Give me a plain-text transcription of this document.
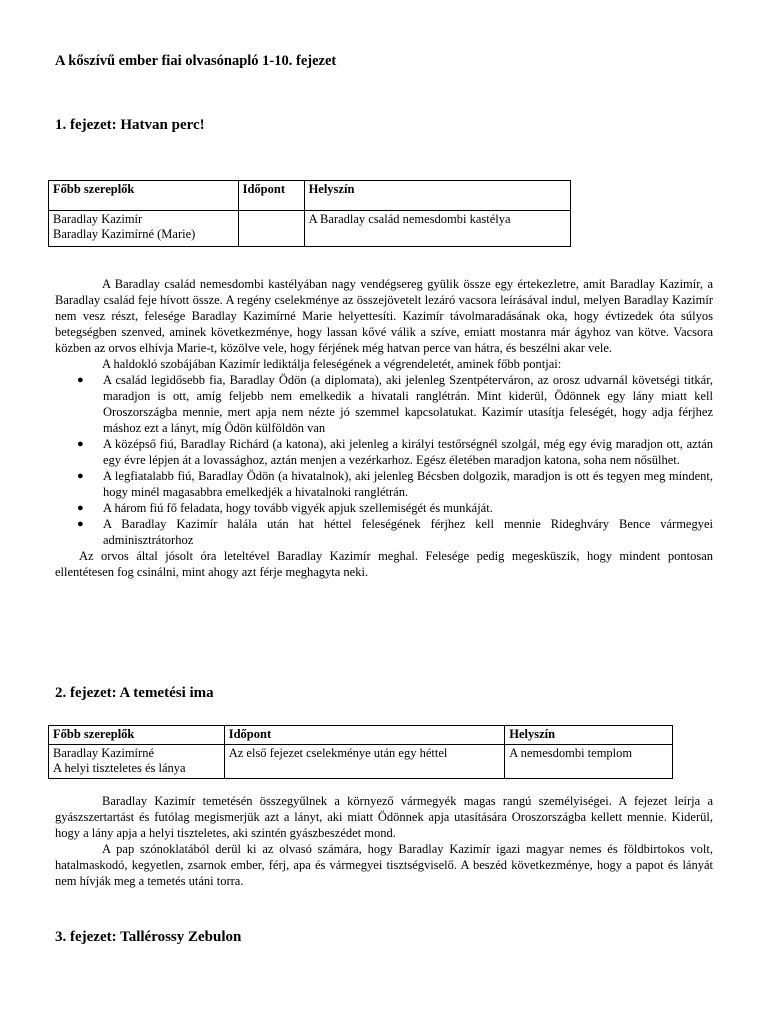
A kőszívű ember fiai olvasónapló 1-10. fejezet
1. fejezet: Hatvan perc!
Főbb szereplők	Időpont	Helyszín

Baradlay Kazimír
Baradlay Kazimírné (Marie)		A Baradlay család nemesdombi kastélya

A Baradlay család nemesdombi kastélyában nagy vendégsereg gyülik össze egy értekezletre, amit Baradlay Kazimír, a Baradlay család feje hívott össze. A regény cselekménye az összejövetelt lezáró vacsora leírásával indul, melyen Baradlay Kazimír nem vesz részt, felesége Baradlay Kazimírné Marie helyettesíti. Kazimír távolmaradásának oka, hogy évtizedek óta súlyos betegségben szenved, aminek következménye, hogy lassan kővé válik a szíve, emiatt mostanra már ágyhoz van kötve. Vacsora közben az orvos elhívja Marie-t, közölve vele, hogy férjének még hatvan perce van hátra, és beszélni akar vele.

A haldokló szobájában Kazimír lediktálja feleségének a végrendeletét, aminek főbb pontjai:

● A család legidősebb fia, Baradlay Ödön (a diplomata), aki jelenleg Szentpéterváron, az orosz udvarnál követségi titkár, maradjon is ott, amíg feljebb nem emelkedik a hivatali ranglétrán. Mint kiderül, Ödönnek egy lány miatt kell Oroszországba mennie, mert apja nem nézte jó szemmel kapcsolatukat. Kazimír utasítja feleségét, hogy adja férjhez máshoz ezt a lányt, míg Ödön külföldön van
● A középső fiú, Baradlay Richárd (a katona), aki jelenleg a királyi testőrségnél szolgál, még egy évig maradjon ott, aztán egy évre lépjen át a lovassághoz, aztán menjen a vezérkarhoz. Egész életében maradjon katona, soha nem nősülhet.
● A legfiatalabb fiú, Baradlay Ödön (a hivatalnok), aki jelenleg Bécsben dolgozik, maradjon is ott és tegyen meg mindent, hogy minél magasabbra emelkedjék a hivatalnoki ranglétrán.
● A három fiú fő feladata, hogy tovább vigyék apjuk szellemiségét és munkáját.
● A Baradlay Kazimír halála után hat héttel feleségének férjhez kell mennie Rideghváry Bence vármegyei adminisztrátorhoz

Az orvos által jósolt óra leteltével Baradlay Kazimír meghal. Felesége pedig megesküszik, hogy mindent pontosan ellentétesen fog csinálni, mint ahogy azt férje meghagyta neki.

2. fejezet: A temetési ima
Főbb szereplők	Időpont	Helyszín

Baradlay Kazimírné
A helyi tiszteletes és lánya	Az első fejezet cselekménye után egy héttel	A nemesdombi templom

Baradlay Kazimír temetésén összegyűlnek a környező vármegyék magas rangú személyiségei. A fejezet leírja a gyászszertartást és futólag megismerjük azt a lányt, aki miatt Ödönnek apja utasítására Oroszországba kellett mennie. Kiderül, hogy a lány apja a helyi tiszteletes, aki szintén gyászbeszédet mond.

A pap szónoklatából derül ki az olvasó számára, hogy Baradlay Kazimír igazi magyar nemes és földbirtokos volt, hatalmaskodó, kegyetlen, zsarnok ember, férj, apa és vármegyei tisztségviselő. A beszéd következménye, hogy a papot és lányát nem hívják meg a temetés utáni torra.

3. fejezet: Tallérossy Zebulon
